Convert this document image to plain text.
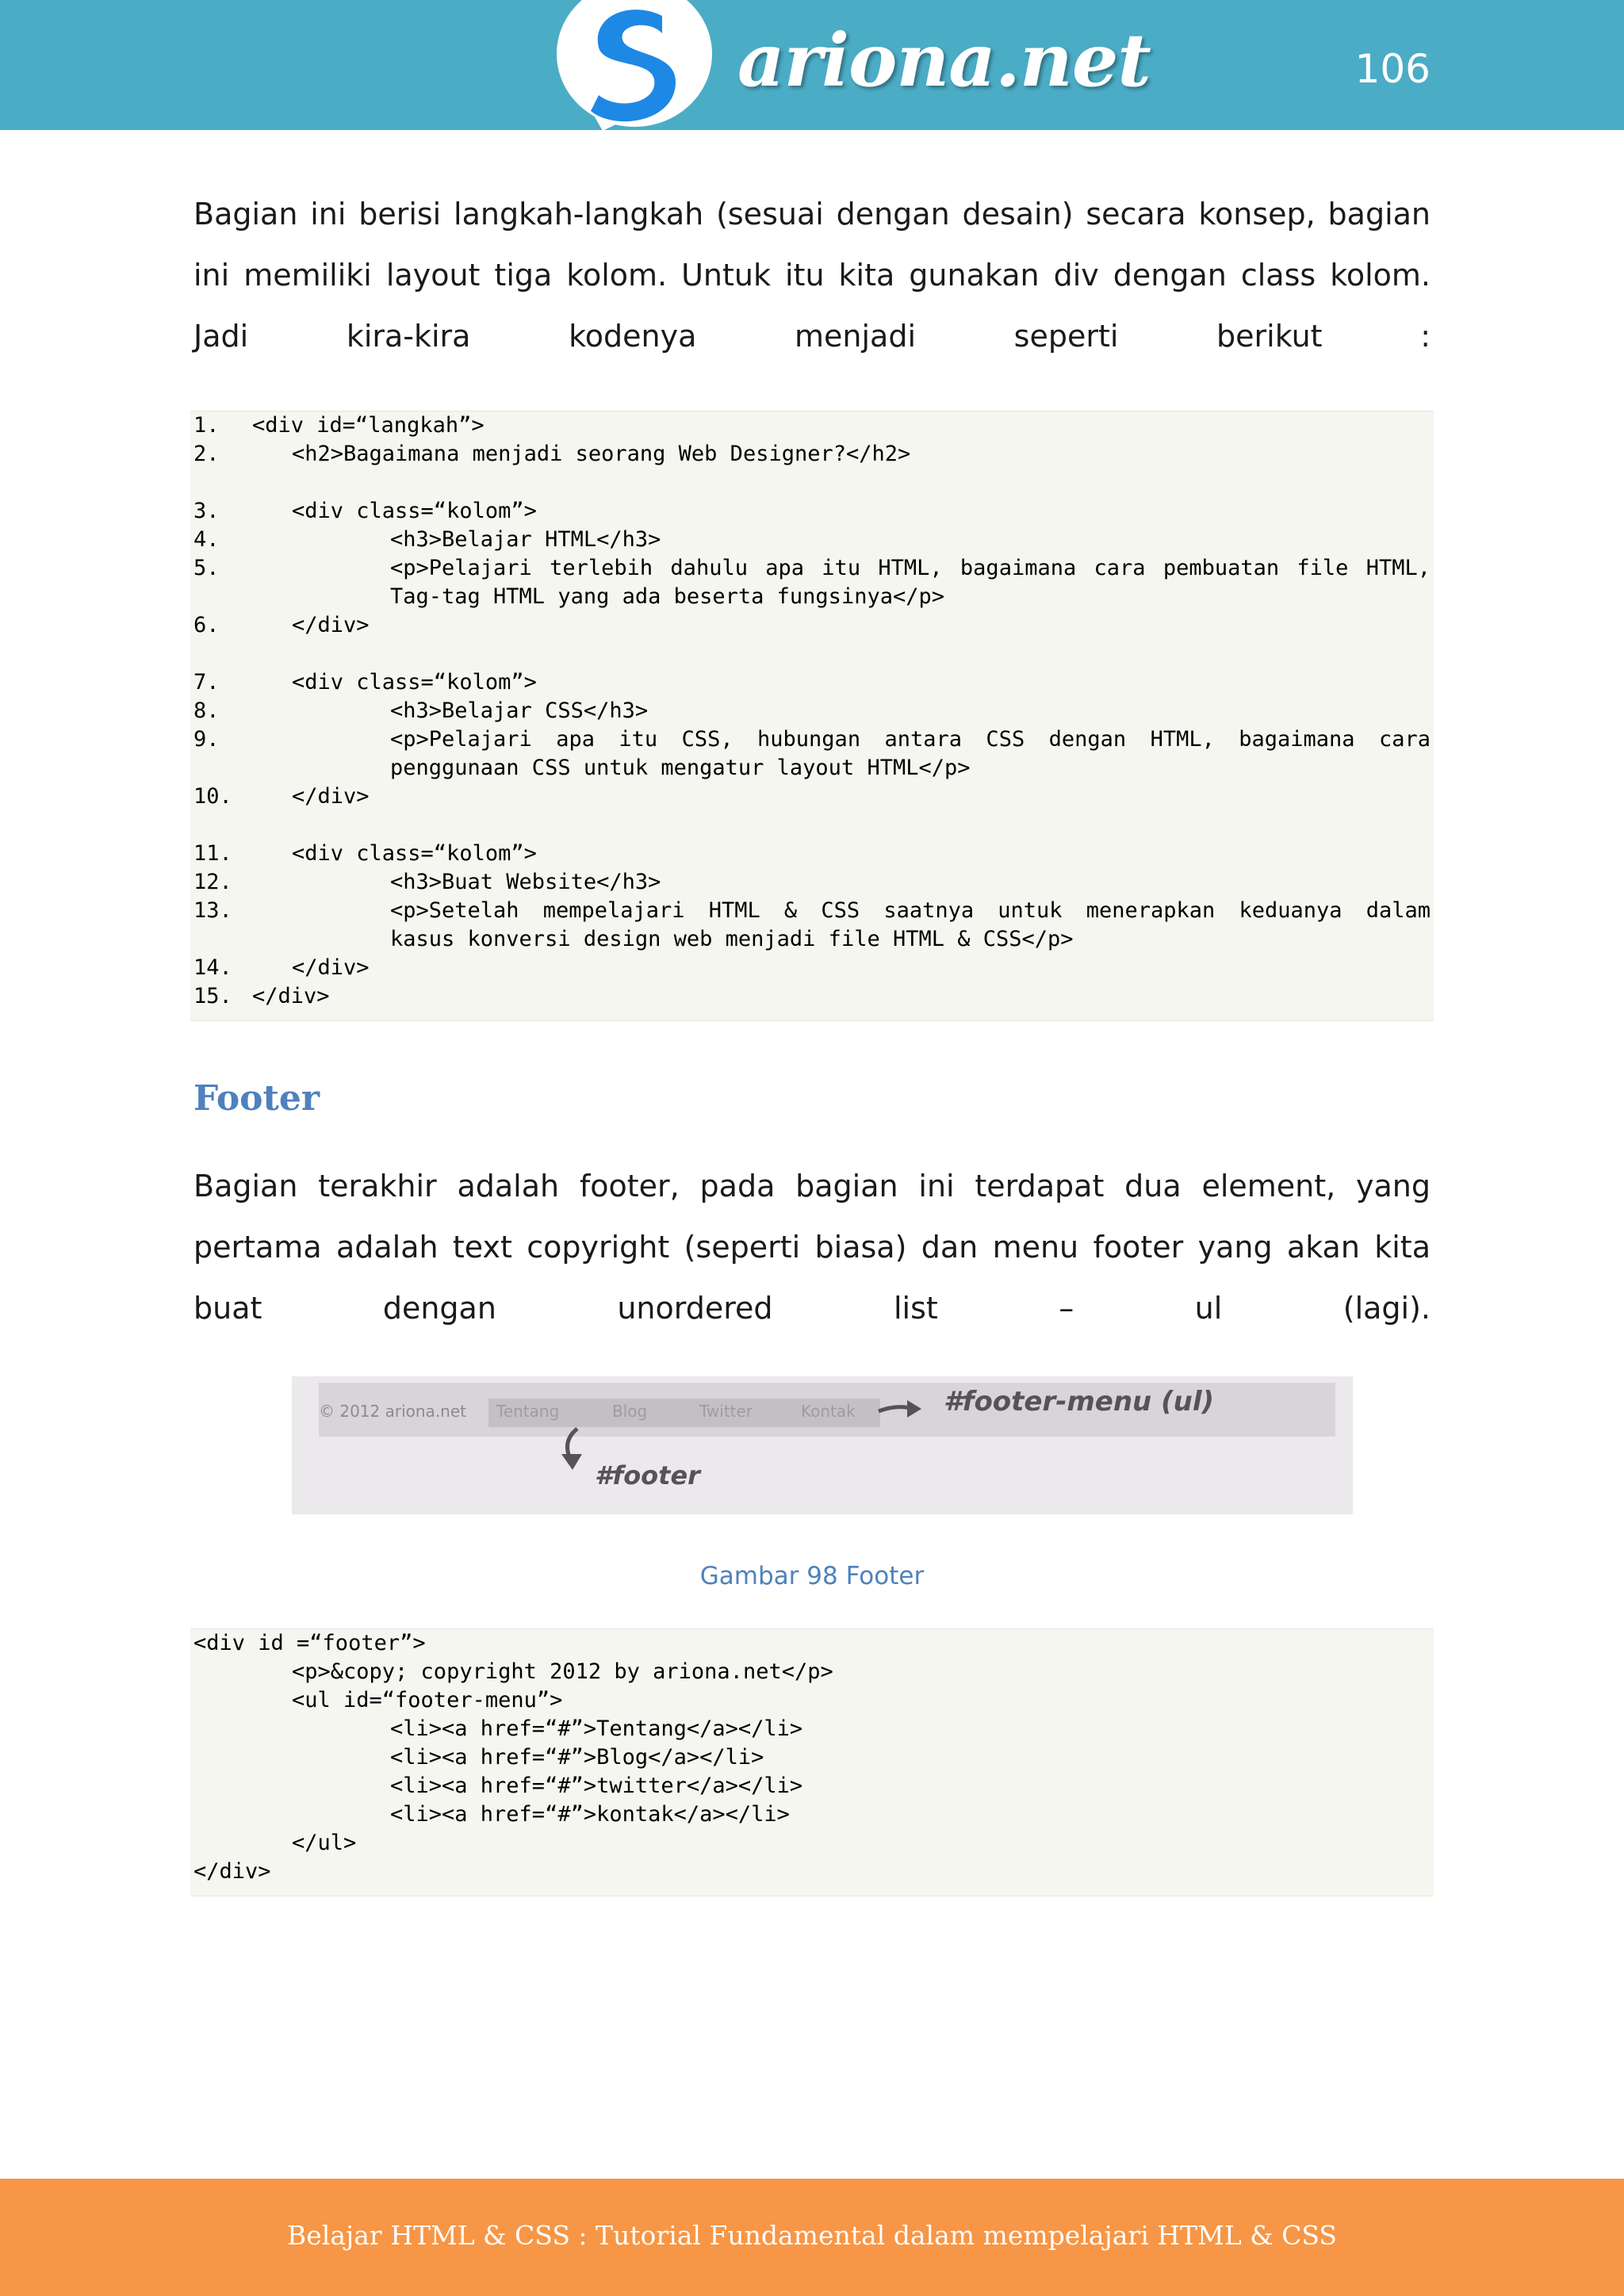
ariona.net	106

Bagian ini berisi langkah-langkah (sesuai dengan desain) secara konsep, bagian ini memiliki layout tiga kolom. Untuk itu kita gunakan div dengan class kolom. Jadi kira-kira kodenya menjadi seperti berikut :

1. <div id=“langkah”>
2.	<h2>Bagaimana menjadi seorang Web Designer?</h2>
3.	<div class=“kolom”>
4.	<h3>Belajar HTML</h3>
5.	<p>Pelajari terlebih dahulu apa itu HTML, bagaimana cara pembuatan file HTML,
Tag-tag HTML yang ada beserta fungsinya</p>
6.	</div>
7.	<div class=“kolom”>
8.	<h3>Belajar CSS</h3>
9.	<p>Pelajari apa itu CSS, hubungan antara CSS dengan HTML, bagaimana cara
penggunaan CSS untuk mengatur layout HTML</p>
10.	</div>
11.	<div class=“kolom”>
12.	<h3>Buat Website</h3>
13.	<p>Setelah mempelajari HTML & CSS saatnya untuk menerapkan keduanya dalam
kasus konversi design web menjadi file HTML & CSS</p>
14.	</div>
15. </div>
Footer

Bagian terakhir adalah footer, pada bagian ini terdapat dua element, yang pertama adalah text copyright (seperti biasa) dan menu footer yang akan kita buat dengan unordered list – ul (lagi).

© 2012 ariona.net Tentang	Blog	Twitter	Kontak	#footer-menu (ul)
#footer

Gambar 98 Footer

<div id =“footer”>
<p>&copy; copyright 2012 by ariona.net</p>
<ul id=“footer-menu”>
<li><a href=“#”>Tentang</a></li>
<li><a href=“#”>Blog</a></li>
<li><a href=“#”>twitter</a></li>
<li><a href=“#”>kontak</a></li>
</ul>
</div>
Belajar HTML & CSS : Tutorial Fundamental dalam mempelajari HTML & CSS
